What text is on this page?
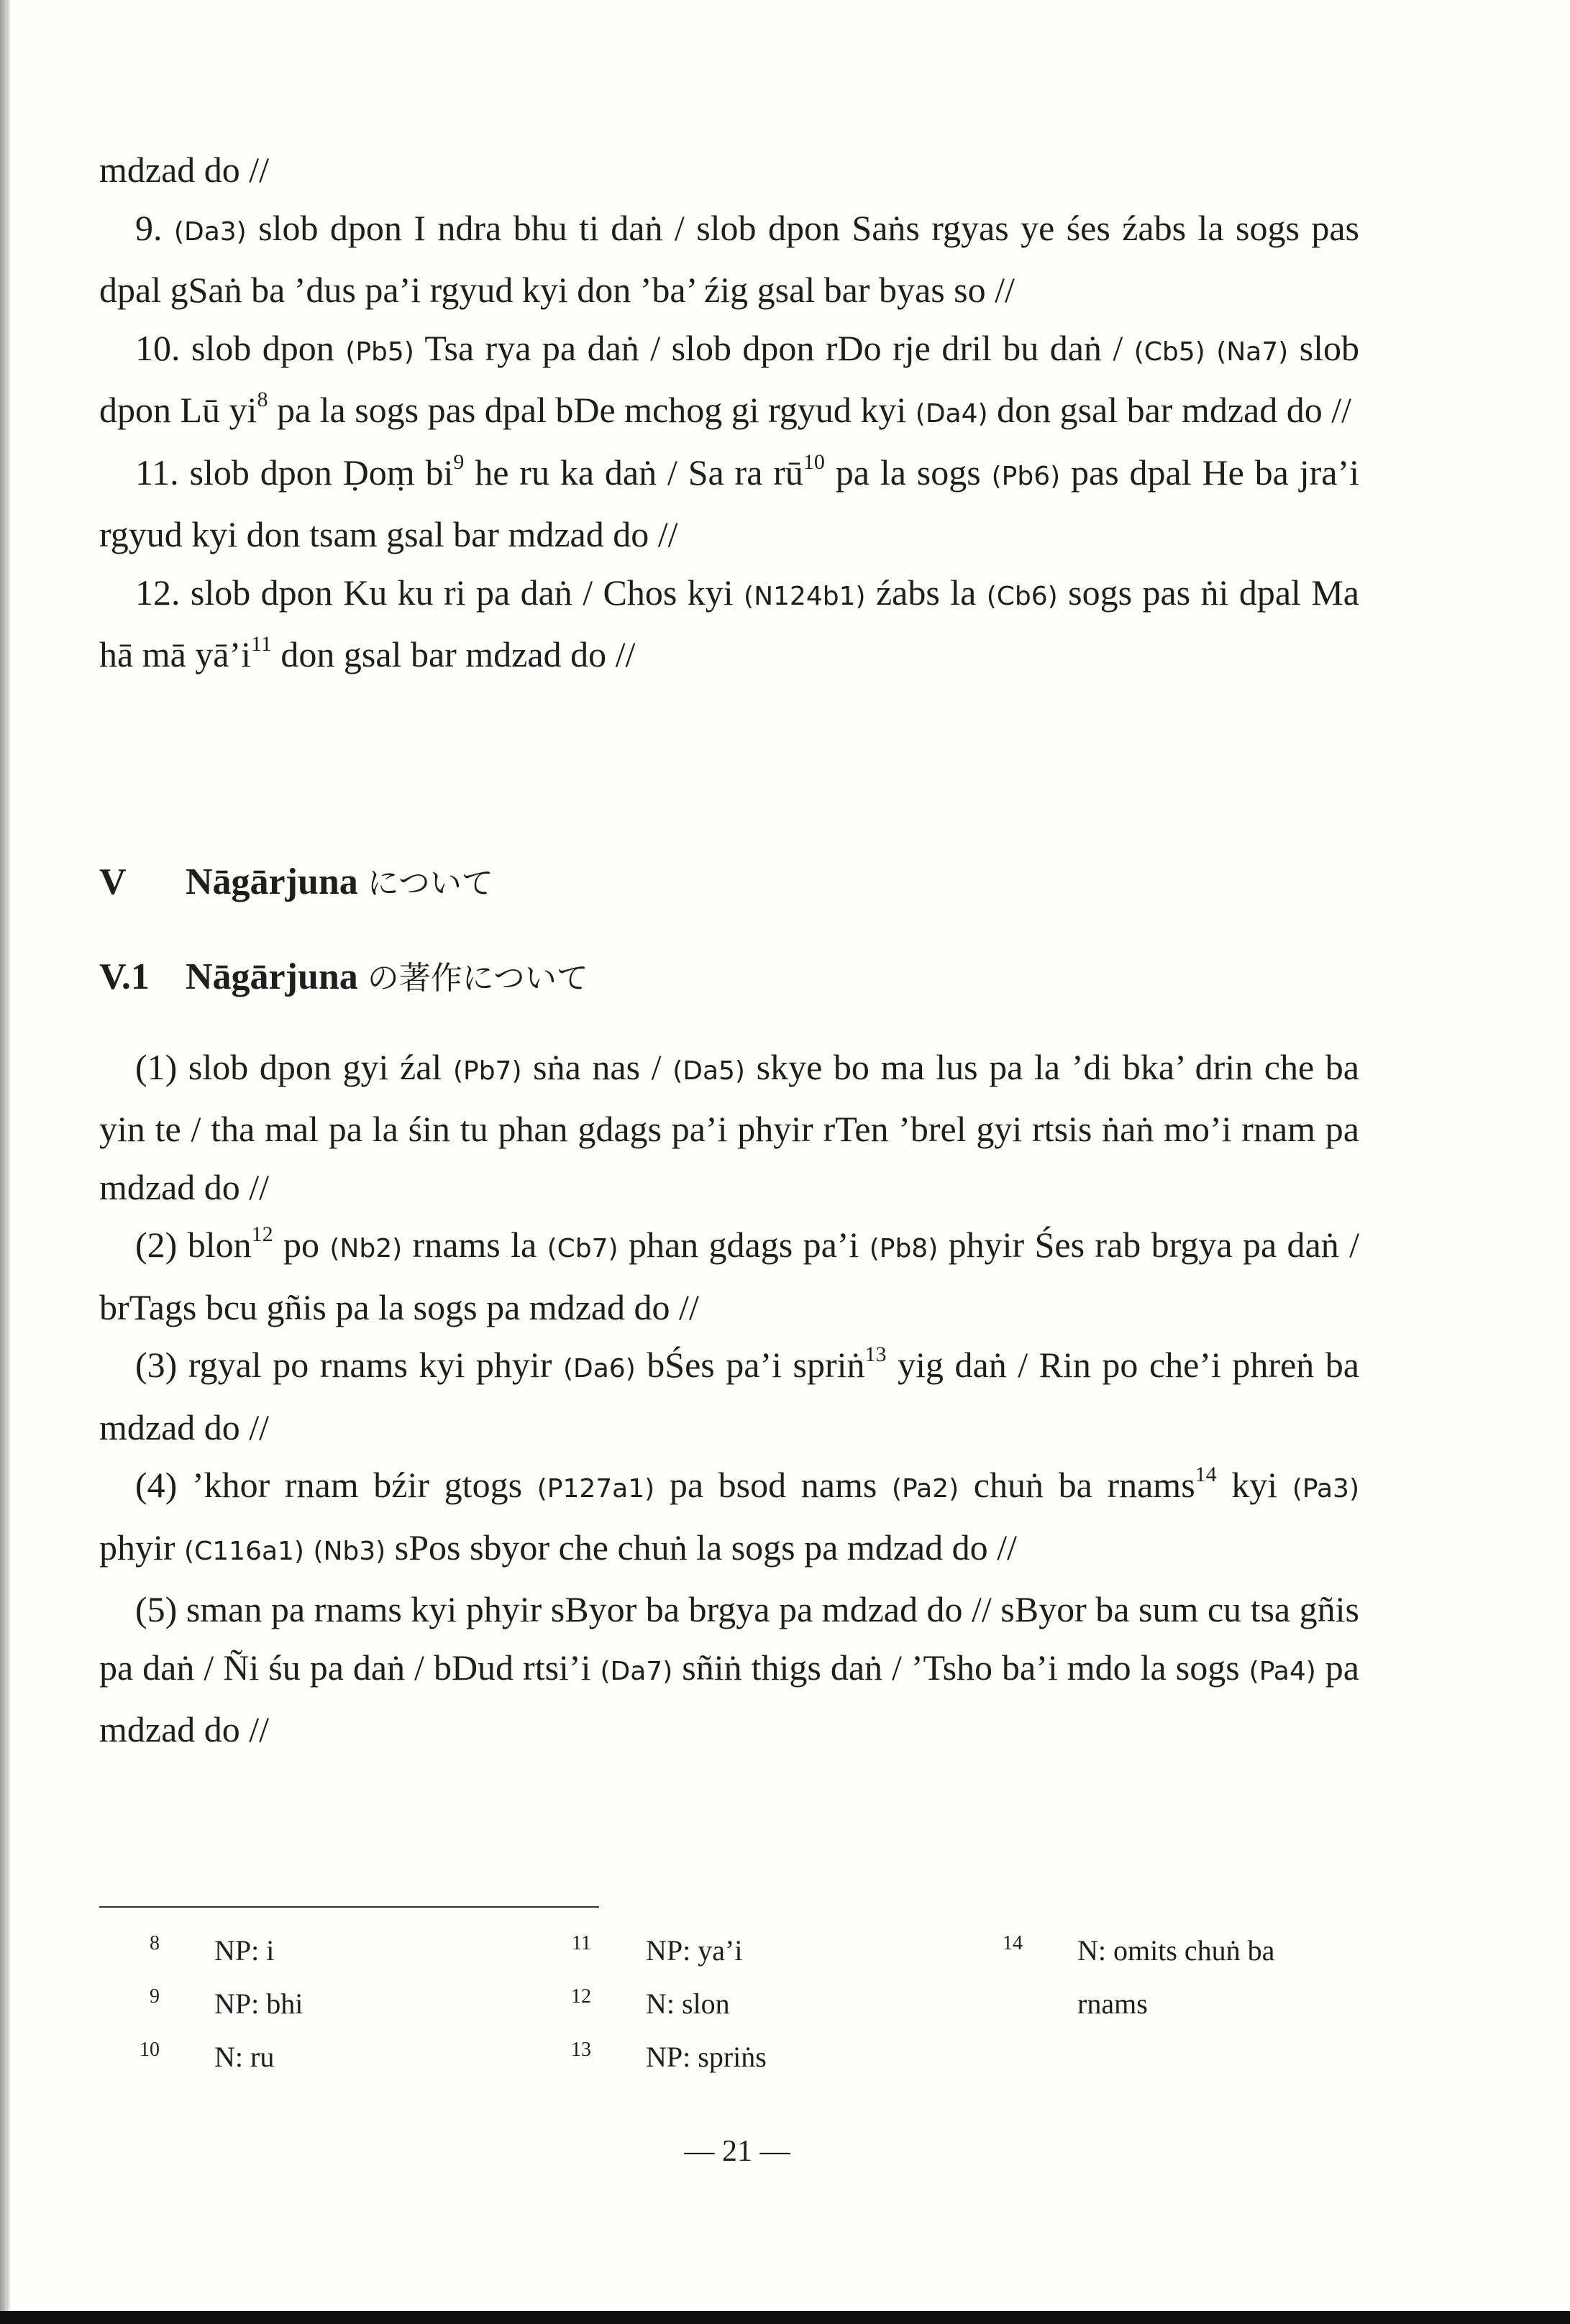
mdzad do //

9. (Da3) slob dpon I ndra bhu ti daṅ / slob dpon Saṅs rgyas ye śes źabs la sogs pas dpal gSaṅ ba ’dus pa’i rgyud kyi don ’ba’ źig gsal bar byas so //

10. slob dpon (Pb5) Tsa rya pa daṅ / slob dpon rDo rje dril bu daṅ / (Cb5) (Na7) slob dpon Lū $yi^8$ pa la sogs pas dpal bDe mchog gi rgyud kyi (Da4) don gsal bar mdzad do //

11. slob dpon Ḍoṃ $bi^9$ he ru ka daṅ / Sa ra $rū^{10}$ pa la sogs (Pb6) pas dpal He ba jra’i rgyud kyi don tsam gsal bar mdzad do //

12. slob dpon Ku ku ri pa daṅ / Chos kyi (N124b1) źabs la (Cb6) sogs pas ṅi dpal Ma hā mā $yā’i^{11}$ don gsal bar mdzad do //

V Nāgārjuna について
V.1 Nāgārjuna の著作について

(1) slob dpon gyi źal (Pb7) sṅa nas / (Da5) skye bo ma lus pa la ’di bka’ drin che ba yin te / tha mal pa la śin tu phan gdags pa’i phyir rTen ’brel gyi rtsis ṅaṅ mo’i rnam pa mdzad do //

(2) blon$^{12}$ po (Nb2) rnams la (Cb7) phan gdags pa’i (Pb8) phyir Śes rab brgya pa daṅ / brTags bcu gñis pa la sogs pa mdzad do //

(3) rgyal po rnams kyi phyir (Da6) bŚes pa’i spriṅ$^{13}$ yig daṅ / Rin po che’i phreṅ ba mdzad do //

(4) ’khor rnam bźir gtogs (P127a1) pa bsod nams (Pa2) chuṅ ba rnams$^{14}$ kyi (Pa3) phyir (C116a1) (Nb3) sPos sbyor che chuṅ la sogs pa mdzad do //

(5) sman pa rnams kyi phyir sByor ba brgya pa mdzad do // sByor ba sum cu tsa gñis pa daṅ / Ñi śu pa daṅ / bDud rtsi’i (Da7) sñiṅ thigs daṅ / ’Tsho ba’i mdo la sogs (Pa4) pa mdzad do //

8 NP: i
9 NP: bhi
10 N: ru
11 NP: ya’i
12 N: slon
13 NP: spriṅs
14 N: omits chuṅ ba
rnams
— 21 —
